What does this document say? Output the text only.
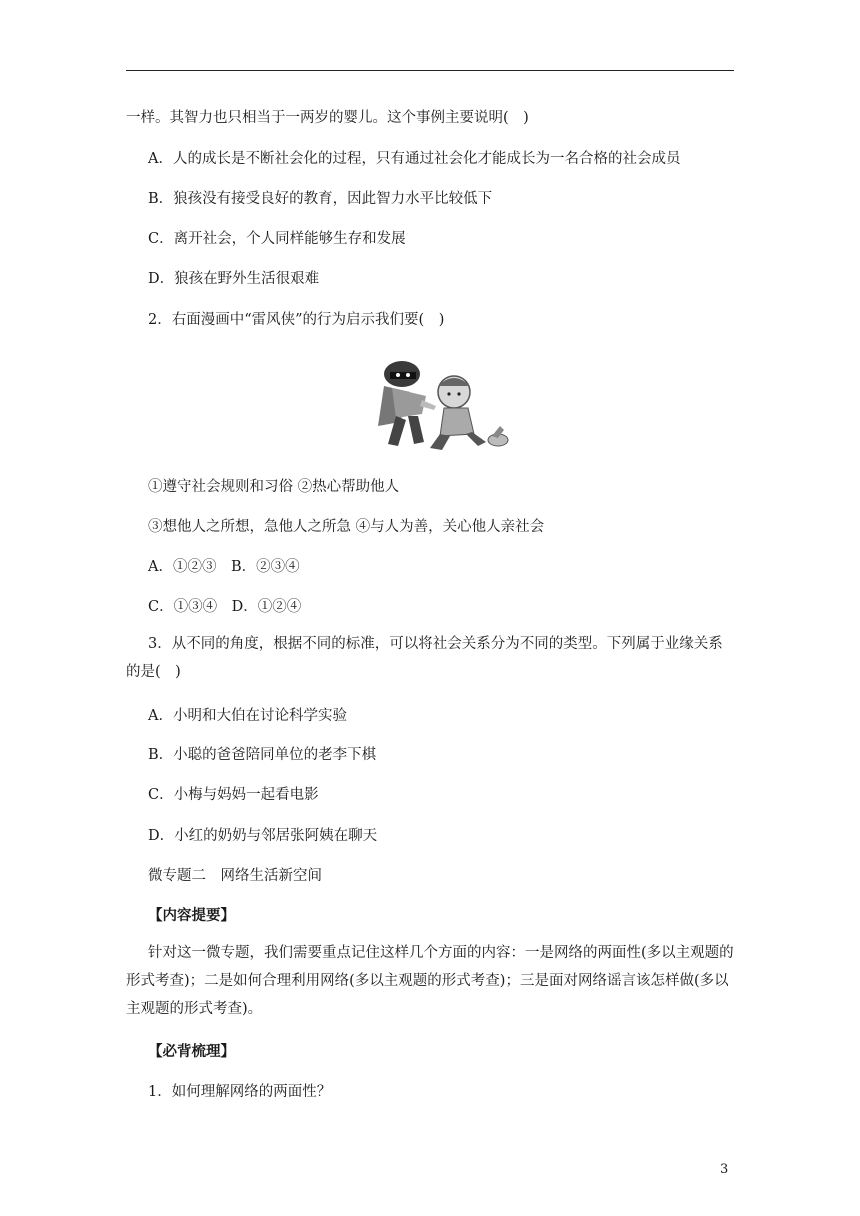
一样。其智力也只相当于一两岁的婴儿。这个事例主要说明(　)
A．人的成长是不断社会化的过程，只有通过社会化才能成长为一名合格的社会成员
B．狼孩没有接受良好的教育，因此智力水平比较低下
C．离开社会，个人同样能够生存和发展
D．狼孩在野外生活很艰难
2．右面漫画中“雷风侠”的行为启示我们要(　)
①遵守社会规则和习俗 ②热心帮助他人
③想他人之所想，急他人之所急 ④与人为善，关心他人亲社会
A．①②③　B．②③④
C．①③④　D．①②④
3．从不同的角度，根据不同的标准，可以将社会关系分为不同的类型。下列属于业缘关系的是(　)
A．小明和大伯在讨论科学实验
B．小聪的爸爸陪同单位的老李下棋
C．小梅与妈妈一起看电影
D．小红的奶奶与邻居张阿姨在聊天
微专题二　网络生活新空间
【内容提要】
针对这一微专题，我们需要重点记住这样几个方面的内容：一是网络的两面性(多以主观题的形式考查)；二是如何合理利用网络(多以主观题的形式考查)；三是面对网络谣言该怎样做(多以主观题的形式考查)。
【必背梳理】
1．如何理解网络的两面性？
3
